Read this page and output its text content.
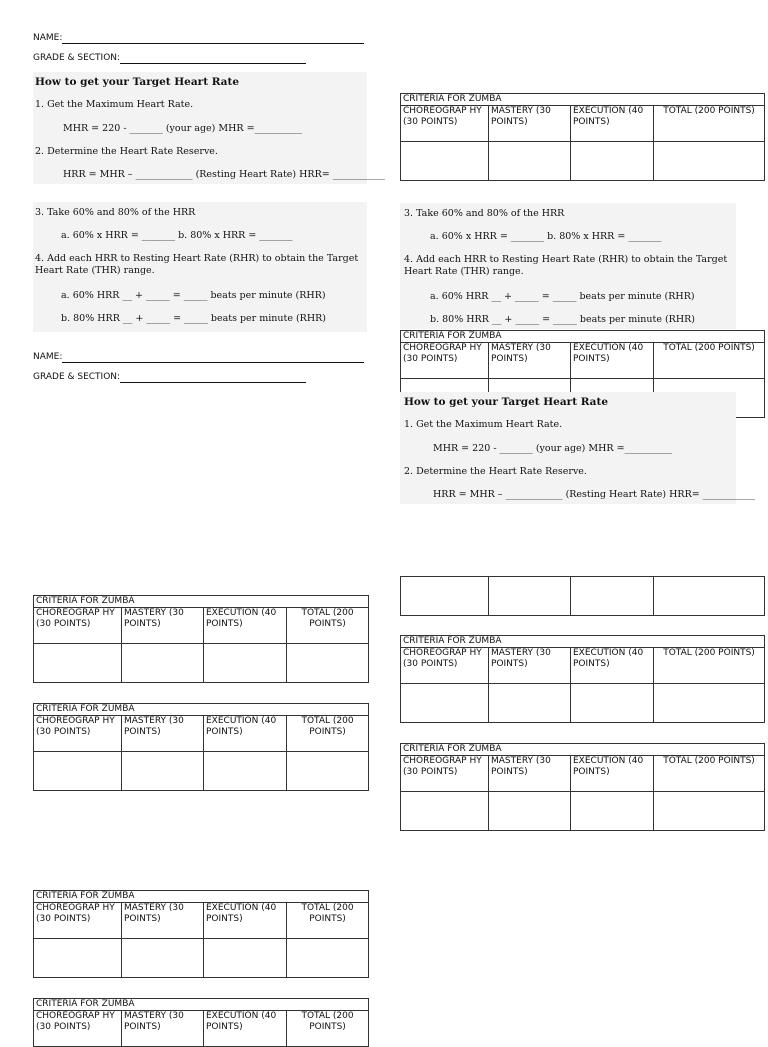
NAME:
GRADE & SECTION:
How to get your Target Heart Rate
1. Get the Maximum Heart Rate.
MHR = 220 - _______ (your age) MHR =__________
2. Determine the Heart Rate Reserve.
HRR = MHR – ____________ (Resting Heart Rate) HRR= ___________
3. Take 60% and 80% of the HRR
a. 60% x HRR = _______ b. 80% x HRR = _______
4. Add each HRR to Resting Heart Rate (RHR) to obtain the Target Heart Rate (THR) range.
a. 60% HRR __ + _____ = _____ beats per minute (RHR)
b. 80% HRR __ + _____ = _____ beats per minute (RHR)
NAME:
GRADE & SECTION:
CRITERIA FOR ZUMBA			
CHOREOGRAP HY (30 POINTS)	MASTERY (30 POINTS)	EXECUTION (40 POINTS)	TOTAL (200 POINTS)

3. Take 60% and 80% of the HRR
a. 60% x HRR = _______ b. 80% x HRR = _______
4. Add each HRR to Resting Heart Rate (RHR) to obtain the Target Heart Rate (THR) range.
a. 60% HRR __ + _____ = _____ beats per minute (RHR)
b. 80% HRR __ + _____ = _____ beats per minute (RHR)
CRITERIA FOR ZUMBA			
CHOREOGRAP HY (30 POINTS)	MASTERY (30 POINTS)	EXECUTION (40 POINTS)	TOTAL (200 POINTS)

How to get your Target Heart Rate
1. Get the Maximum Heart Rate.
MHR = 220 - _______ (your age) MHR =__________
2. Determine the Heart Rate Reserve.
HRR = MHR – ____________ (Resting Heart Rate) HRR= ___________

CRITERIA FOR ZUMBA			
CHOREOGRAP HY (30 POINTS)	MASTERY (30 POINTS)	EXECUTION (40 POINTS)	TOTAL (200 POINTS)

CRITERIA FOR ZUMBA			
CHOREOGRAP HY (30 POINTS)	MASTERY (30 POINTS)	EXECUTION (40 POINTS)	TOTAL (200 POINTS)

CRITERIA FOR ZUMBA			
CHOREOGRAP HY (30 POINTS)	MASTERY (30 POINTS)	EXECUTION (40 POINTS)	TOTAL (200 POINTS)

CRITERIA FOR ZUMBA			
CHOREOGRAP HY (30 POINTS)	MASTERY (30 POINTS)	EXECUTION (40 POINTS)	TOTAL (200 POINTS)

CRITERIA FOR ZUMBA			
CHOREOGRAP HY (30 POINTS)	MASTERY (30 POINTS)	EXECUTION (40 POINTS)	TOTAL (200 POINTS)

CRITERIA FOR ZUMBA
CHOREOGRAP HY (30 POINTS)	MASTERY (30 POINTS)	EXECUTION (40 POINTS)	TOTAL (200 POINTS)
